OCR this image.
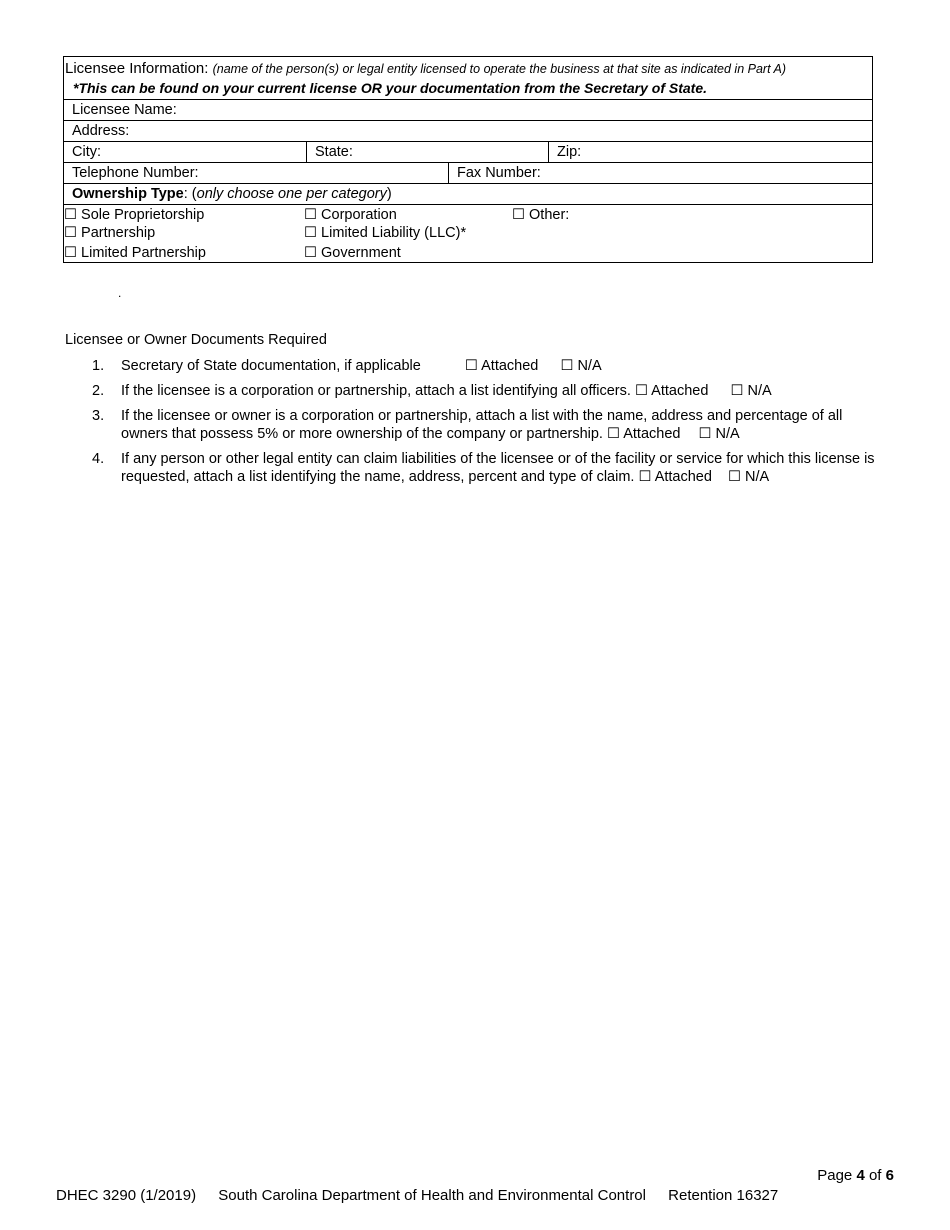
Licensee Information: (name of the person(s) or legal entity licensed to operate the business at that site as indicated in Part A)
*This can be found on your current license OR your documentation from the Secretary of State.
Licensee Name:
Address:
City:	State:	Zip:
Telephone Number:	Fax Number:
Ownership Type: (only choose one per category)
☐ Sole Proprietorship	☐ Corporation	☐ Other:
☐ Partnership	☐ Limited Liability (LLC)*
☐ Limited Partnership	☐ Government
.
Licensee or Owner Documents Required
1. Secretary of State documentation, if applicable	☐ Attached ☐ N/A
2. If the licensee is a corporation or partnership, attach a list identifying all officers. ☐ Attached ☐ N/A
3. If the licensee or owner is a corporation or partnership, attach a list with the name, address and percentage of all owners that possess 5% or more ownership of the company or partnership. ☐ Attached ☐ N/A
4. If any person or other legal entity can claim liabilities of the licensee or of the facility or service for which this license is requested, attach a list identifying the name, address, percent and type of claim. ☐ Attached ☐ N/A
Page 4 of 6
DHEC 3290 (1/2019) South Carolina Department of Health and Environmental Control Retention 16327
